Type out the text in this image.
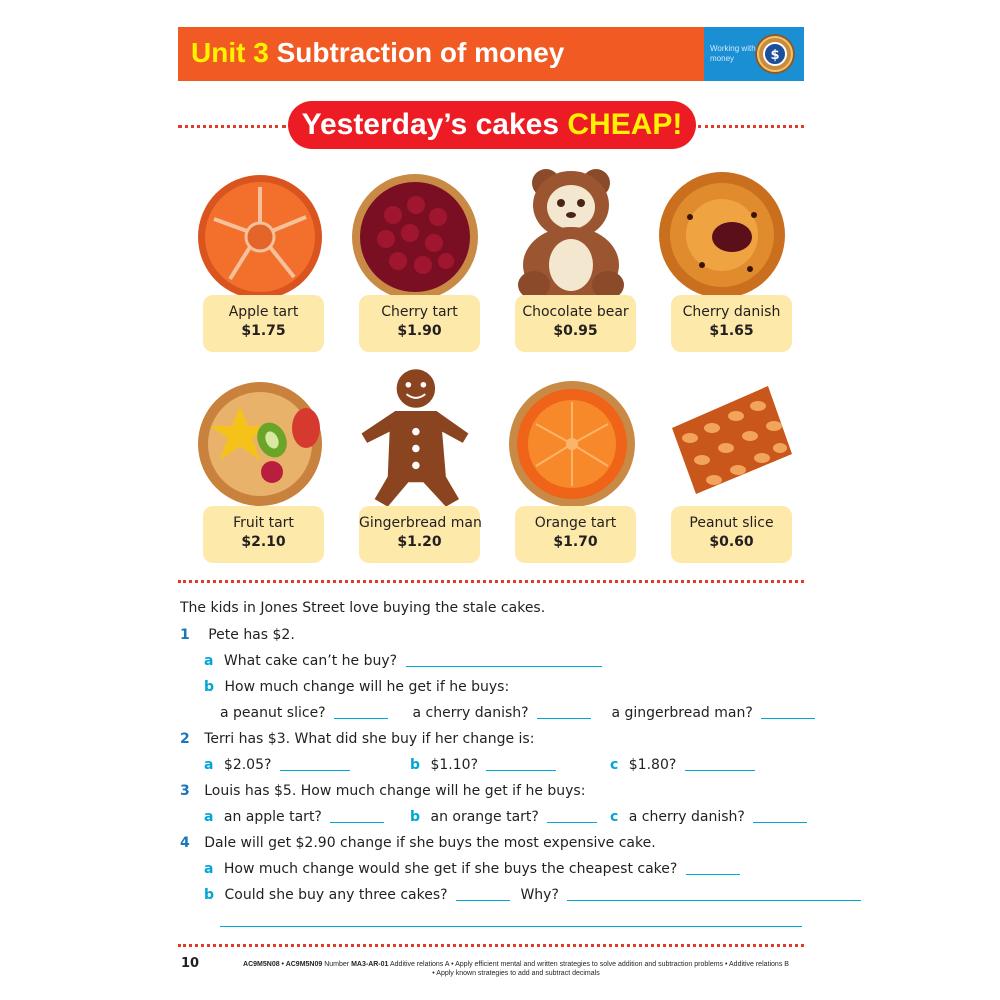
Unit 3 Subtraction of money	Working with money	$
Yesterday’s cakes CHEAP!
Apple tart
$1.75
Cherry tart
$1.90
Chocolate bear
$0.95
Cherry danish
$1.65
Fruit tart
$2.10
Gingerbread man
$1.20
Orange tart
$1.70
Peanut slice
$0.60
The kids in Jones Street love buying the stale cakes.
1 Pete has $2.
a What cake can’t he buy?
b How much change will he get if he buys:
a peanut slice?	a cherry danish?	a gingerbread man?
2 Terri has $3. What did she buy if her change is:
a $2.05?	b $1.10?	c $1.80?
3 Louis has $5. How much change will he get if he buys:
a an apple tart?	b an orange tart?	c a cherry danish?
4 Dale will get $2.90 change if she buys the most expensive cake.
a How much change would she get if she buys the cheapest cake?
b Could she buy any three cakes?	Why?
10	AC9M5N08 • AC9M5N09 Number MA3-AR-01 Additive relations A • Apply efficient mental and written strategies to solve addition and subtraction problems • Additive relations B
• Apply known strategies to add and subtract decimals
